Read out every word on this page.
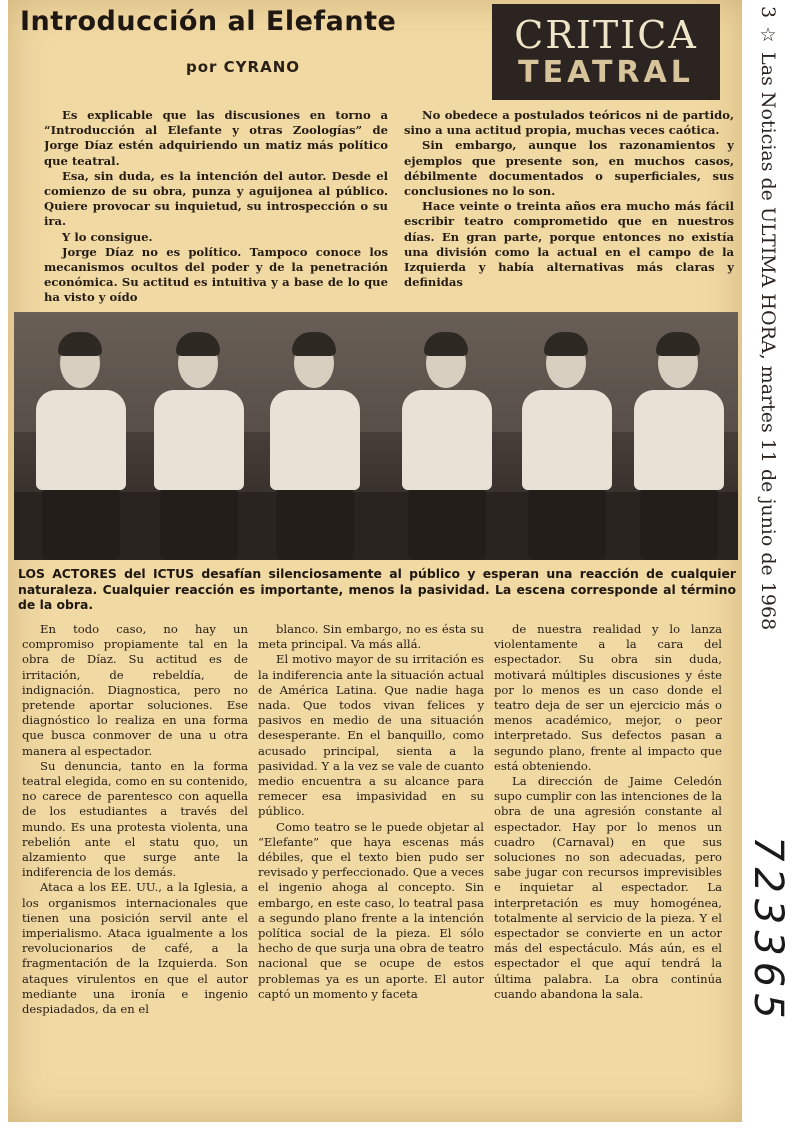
Introducción al Elefante
por CYRANO
CRITICA
TEATRAL

Es explicable que las discusiones en torno a “Introducción al Elefante y otras Zoologías” de Jorge Díaz estén adquiriendo un matiz más político que teatral.

Esa, sin duda, es la intención del autor. Desde el comienzo de su obra, punza y aguijonea al público. Quiere provocar su inquietud, su introspección o su ira.

Y lo consigue.

Jorge Díaz no es político. Tampoco conoce los mecanismos ocultos del poder y de la penetración económica. Su actitud es intuitiva y a base de lo que ha visto y oído

No obedece a postulados teóricos ni de partido, sino a una actitud propia, muchas veces caótica.

Sin embargo, aunque los razonamientos y ejemplos que presente son, en muchos casos, débilmente documentados o superficiales, sus conclusiones no lo son.

Hace veinte o treinta años era mucho más fácil escribir teatro comprometido que en nuestros días. En gran parte, porque entonces no existía una división como la actual en el campo de la Izquierda y había alternativas más claras y definidas

LOS ACTORES del ICTUS desafían silenciosamente al público y esperan una reacción de cualquier naturaleza. Cualquier reacción es importante, menos la pasividad. La escena corresponde al término de la obra.

En todo caso, no hay un compromiso propiamente tal en la obra de Díaz. Su actitud es de irritación, de rebeldía, de indignación. Diagnostica, pero no pretende aportar soluciones. Ese diagnóstico lo realiza en una forma que busca conmover de una u otra manera al espectador.

Su denuncia, tanto en la forma teatral elegida, como en su contenido, no carece de parentesco con aquella de los estudiantes a través del mundo. Es una protesta violenta, una rebelión ante el statu quo, un alzamiento que surge ante la indiferencia de los demás.

Ataca a los EE. UU., a la Iglesia, a los organismos internacionales que tienen una posición servil ante el imperialismo. Ataca igualmente a los revolucionarios de café, a la fragmentación de la Izquierda. Son ataques virulentos en que el autor mediante una ironía e ingenio despiadados, da en el

blanco. Sin embargo, no es ésta su meta principal. Va más allá.

El motivo mayor de su irritación es la indiferencia ante la situación actual de América Latina. Que nadie haga nada. Que todos vivan felices y pasivos en medio de una situación desesperante. En el banquillo, como acusado principal, sienta a la pasividad. Y a la vez se vale de cuanto medio encuentra a su alcance para remecer esa impasividad en su público.

Como teatro se le puede objetar al “Elefante” que haya escenas más débiles, que el texto bien pudo ser revisado y perfeccionado. Que a veces el ingenio ahoga al concepto. Sin embargo, en este caso, lo teatral pasa a segundo plano frente a la intención política social de la pieza. El sólo hecho de que surja una obra de teatro nacional que se ocupe de estos problemas ya es un aporte. El autor captó un momento y faceta

de nuestra realidad y lo lanza violentamente a la cara del espectador. Su obra sin duda, motivará múltiples discusiones y éste por lo menos es un caso donde el teatro deja de ser un ejercicio más o menos académico, mejor, o peor interpretado. Sus defectos pasan a segundo plano, frente al impacto que está obteniendo.

La dirección de Jaime Celedón supo cumplir con las intenciones de la obra de una agresión constante al espectador. Hay por lo menos un cuadro (Carnaval) en que sus soluciones no son adecuadas, pero sabe jugar con recursos imprevisibles e inquietar al espectador. La interpretación es muy homogénea, totalmente al servicio de la pieza. Y el espectador se convierte en un actor más del espectáculo. Más aún, es el espectador el que aquí tendrá la última palabra. La obra continúa cuando abandona la sala.

3 ☆ Las Noticias de ULTIMA HORA, martes 11 de junio de 1968
723365
